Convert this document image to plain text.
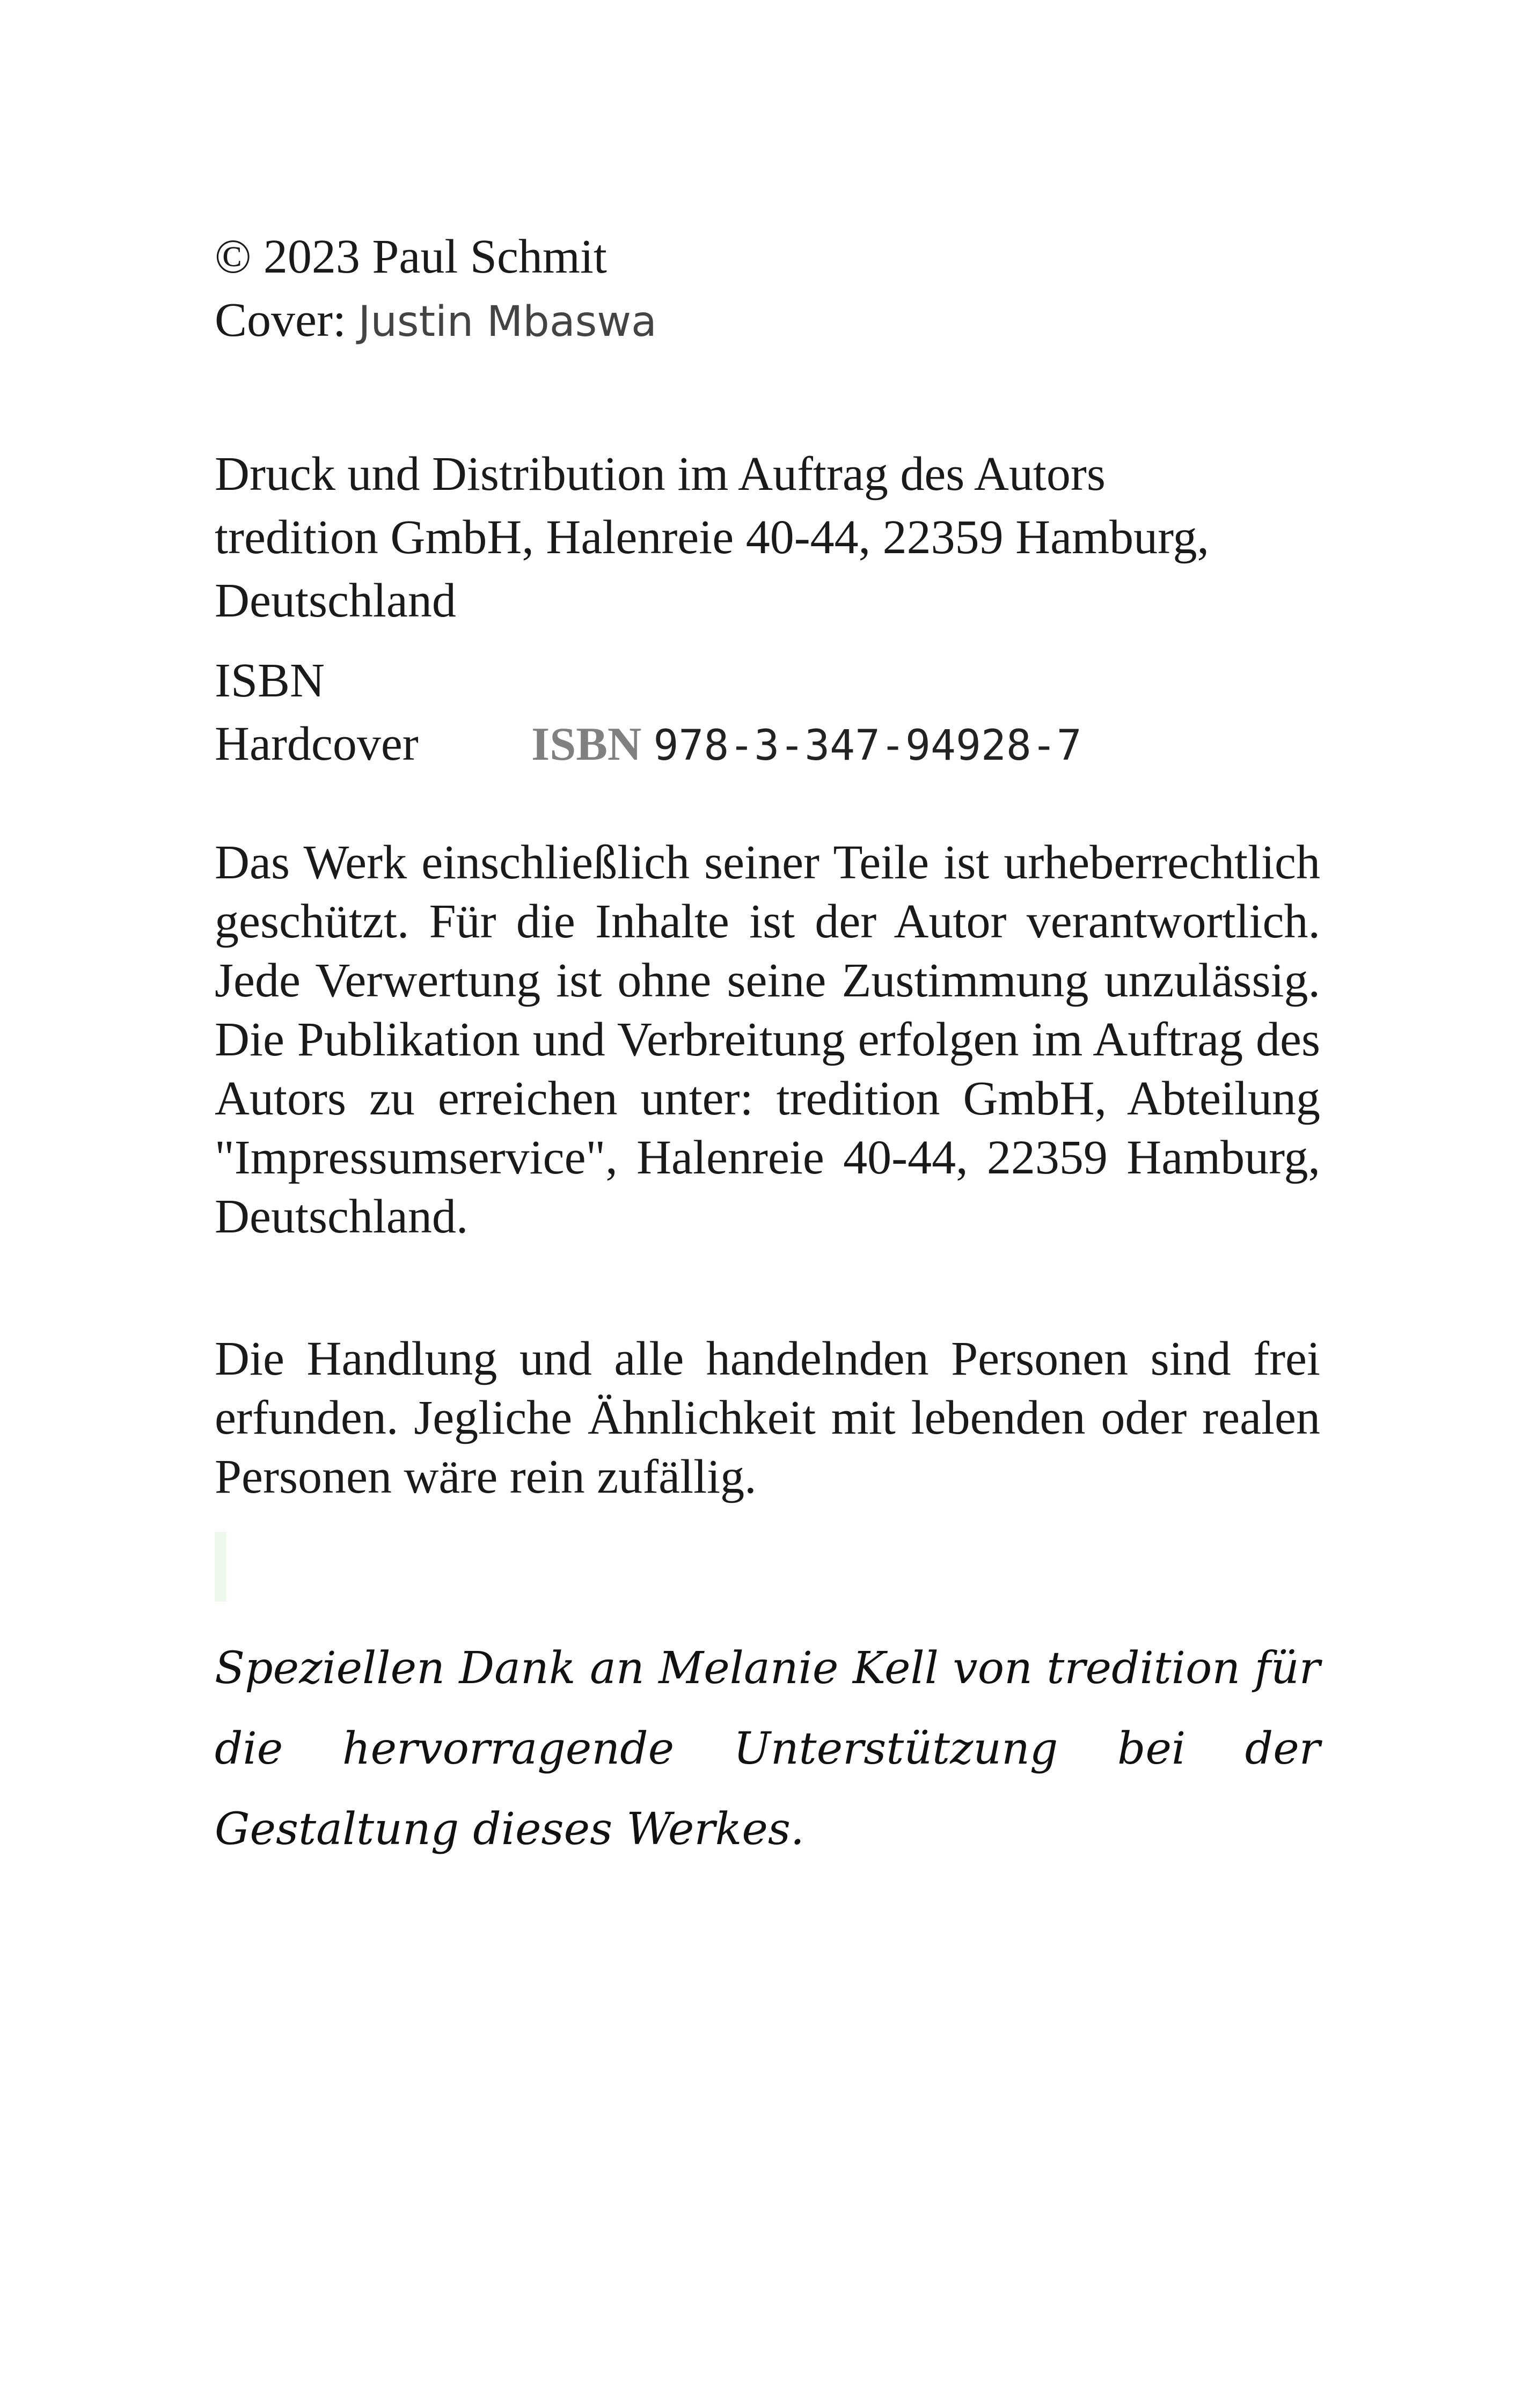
© 2023 Paul Schmit
Cover: Justin Mbaswa
Druck und Distribution im Auftrag des Autors
tredition GmbH, Halenreie 40-44, 22359 Hamburg,
Deutschland
ISBN
Hardcover	ISBN 978-3-347-94928-7

Das Werk einschließlich seiner Teile ist urheberrechtlich geschützt. Für die Inhalte ist der Autor verantwortlich. Jede Verwertung ist ohne seine Zustimmung unzulässig. Die Publikation und Verbreitung erfolgen im Auftrag des Autors zu erreichen unter: tredition GmbH, Abteilung "Impressumservice", Halenreie 40-44, 22359 Hamburg, Deutschland.

Die Handlung und alle handelnden Personen sind frei erfunden. Jegliche Ähnlichkeit mit lebenden oder realen Personen wäre rein zufällig.

Speziellen Dank an Melanie Kell von tredition für die hervorragende Unterstützung bei der Gestaltung dieses Werkes.
